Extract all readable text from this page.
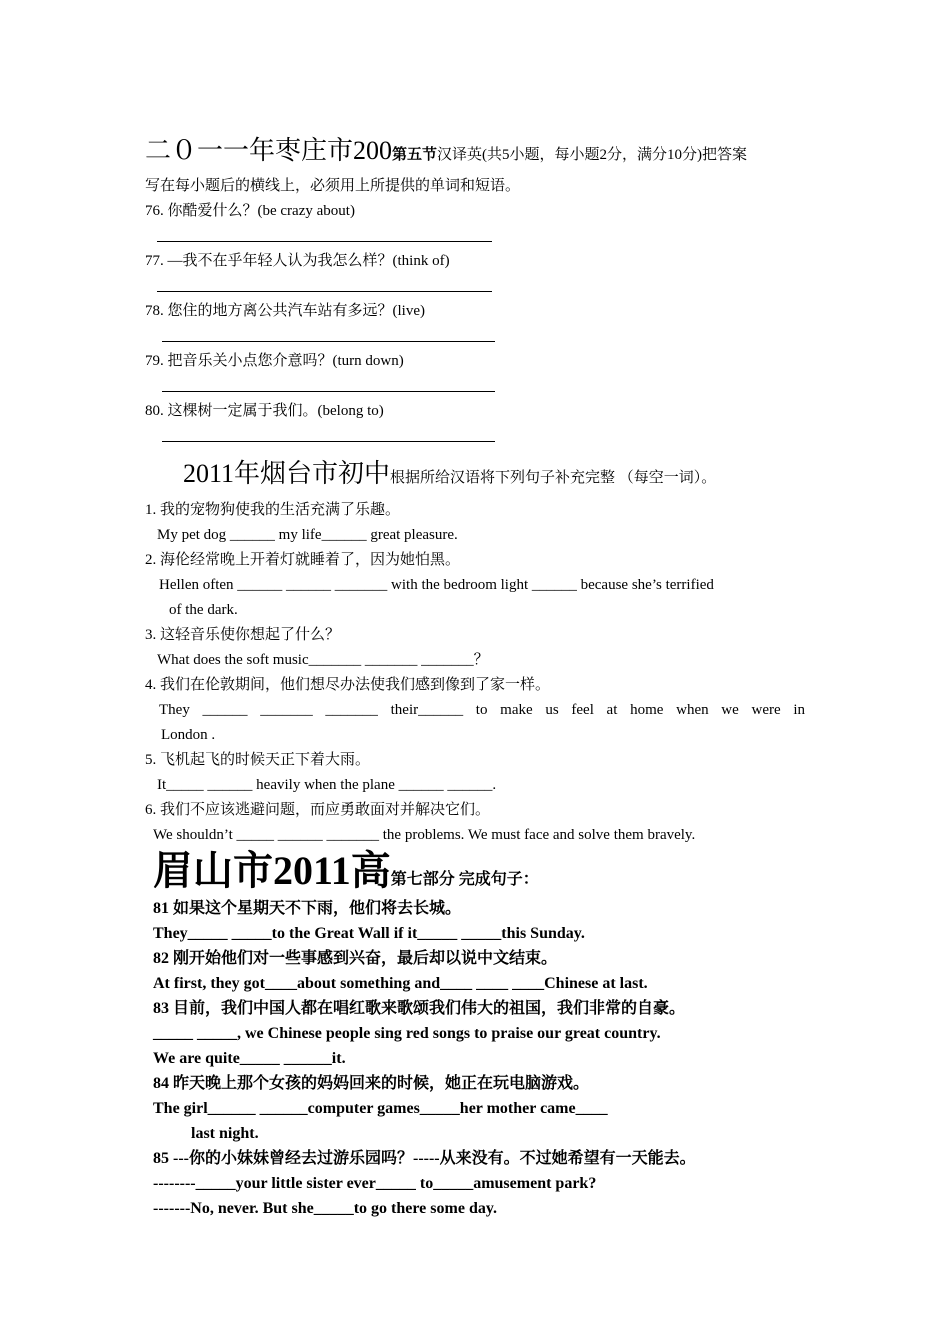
二０一一年枣庄市200第五节汉译英(共5小题，每小题2分，满分10分)把答案
写在每小题后的横线上，必须用上所提供的单词和短语。
76. 你酷爱什么？(be crazy about)
77. —我不在乎年轻人认为我怎么样？(think of)
78. 您住的地方离公共汽车站有多远？(live)
79. 把音乐关小点您介意吗？(turn down)
80. 这棵树一定属于我们。(belong to)
2011年烟台市初中根据所给汉语将下列句子补充完整 （每空一词）。
1. 我的宠物狗使我的生活充满了乐趣。
My pet dog ______ my life______ great pleasure.
2. 海伦经常晚上开着灯就睡着了，因为她怕黑。
Hellen often ______ ______ _______ with the bedroom light ______ because she’s terrified
of the dark.
3. 这轻音乐使你想起了什么？
What does the soft music_______ _______ _______？
4. 我们在伦敦期间，他们想尽办法使我们感到像到了家一样。
They ______ _______ _______ their______ to make us feel at home when we were in
London .
5. 飞机起飞的时候天正下着大雨。
It_____ ______ heavily when the plane ______ ______.
6. 我们不应该逃避问题，而应勇敢面对并解决它们。
We shouldn’t _____ ______ _______ the problems. We must face and solve them bravely.
眉山市2011高第七部分 完成句子：
81 如果这个星期天不下雨，他们将去长城。
They_____ _____to the Great Wall if it_____ _____this Sunday.
82 刚开始他们对一些事感到兴奋，最后却以说中文结束。
At first, they got____about something and____ ____ ____Chinese at last.
83 目前，我们中国人都在唱红歌来歌颂我们伟大的祖国，我们非常的自豪。
_____ _____, we Chinese people sing red songs to praise our great country.
We are quite_____ ______it.
84 昨天晚上那个女孩的妈妈回来的时候，她正在玩电脑游戏。
The girl______ ______computer games_____her mother came____
last night.
85 ---你的小妹妹曾经去过游乐园吗？-----从来没有。不过她希望有一天能去。
--------_____your little sister ever_____ to_____amusement park?
-------No, never. But she_____to go there some day.
